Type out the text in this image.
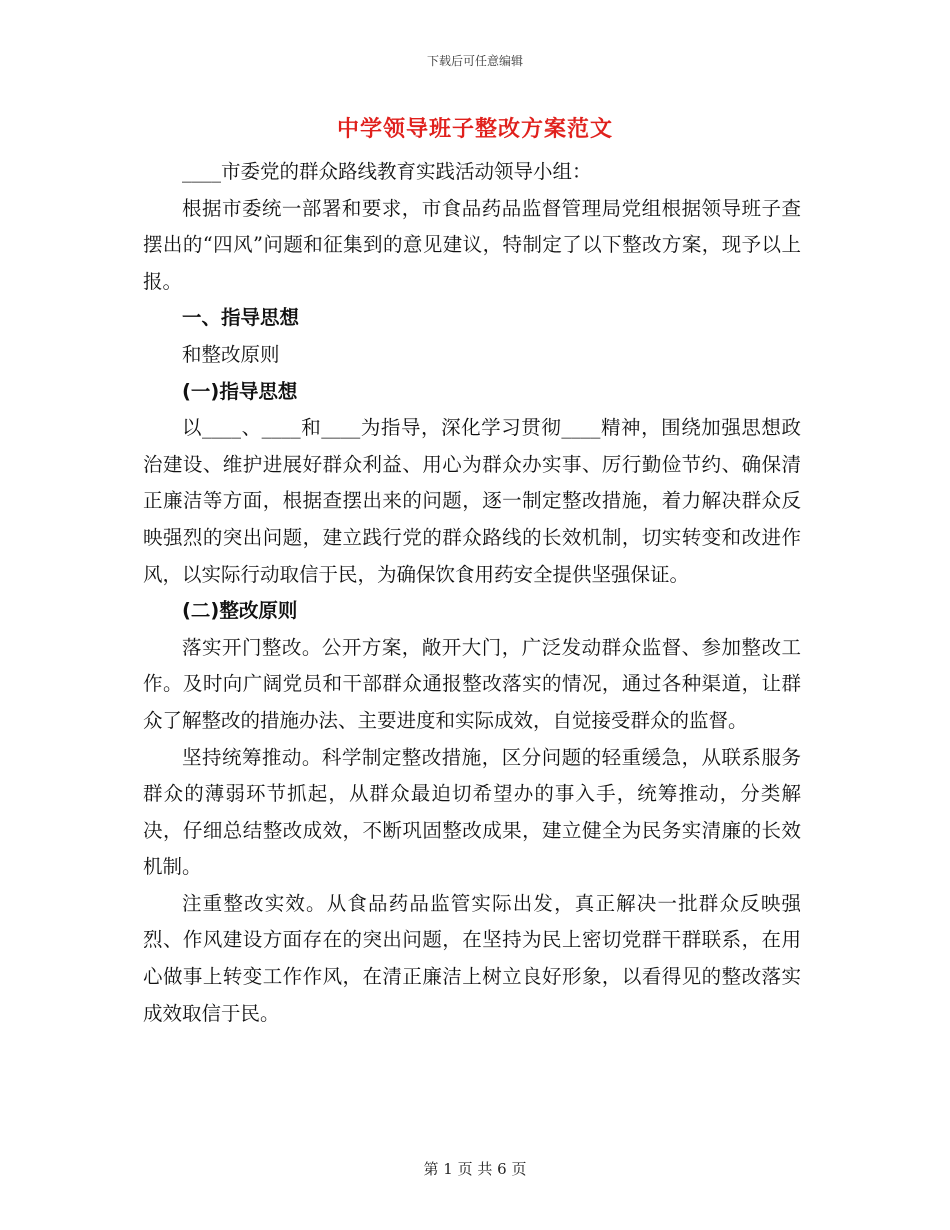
下载后可任意编辑
中学领导班子整改方案范文

____市委党的群众路线教育实践活动领导小组：

根据市委统一部署和要求，市食品药品监督管理局党组根据领导班子查摆出的“四风”问题和征集到的意见建议，特制定了以下整改方案，现予以上报。

一、指导思想

和整改原则

(一)指导思想

以____、____和____为指导，深化学习贯彻____精神，围绕加强思想政治建设、维护进展好群众利益、用心为群众办实事、厉行勤俭节约、确保清正廉洁等方面，根据查摆出来的问题，逐一制定整改措施，着力解决群众反映强烈的突出问题，建立践行党的群众路线的长效机制，切实转变和改进作风，以实际行动取信于民，为确保饮食用药安全提供坚强保证。

(二)整改原则

落实开门整改。公开方案，敞开大门，广泛发动群众监督、参加整改工作。及时向广阔党员和干部群众通报整改落实的情况，通过各种渠道，让群众了解整改的措施办法、主要进度和实际成效，自觉接受群众的监督。

坚持统筹推动。科学制定整改措施，区分问题的轻重缓急，从联系服务群众的薄弱环节抓起，从群众最迫切希望办的事入手，统筹推动，分类解决，仔细总结整改成效，不断巩固整改成果，建立健全为民务实清廉的长效机制。

注重整改实效。从食品药品监管实际出发，真正解决一批群众反映强烈、作风建设方面存在的突出问题，在坚持为民上密切党群干群联系，在用心做事上转变工作作风，在清正廉洁上树立良好形象，以看得见的整改落实成效取信于民。

第 1 页 共 6 页
